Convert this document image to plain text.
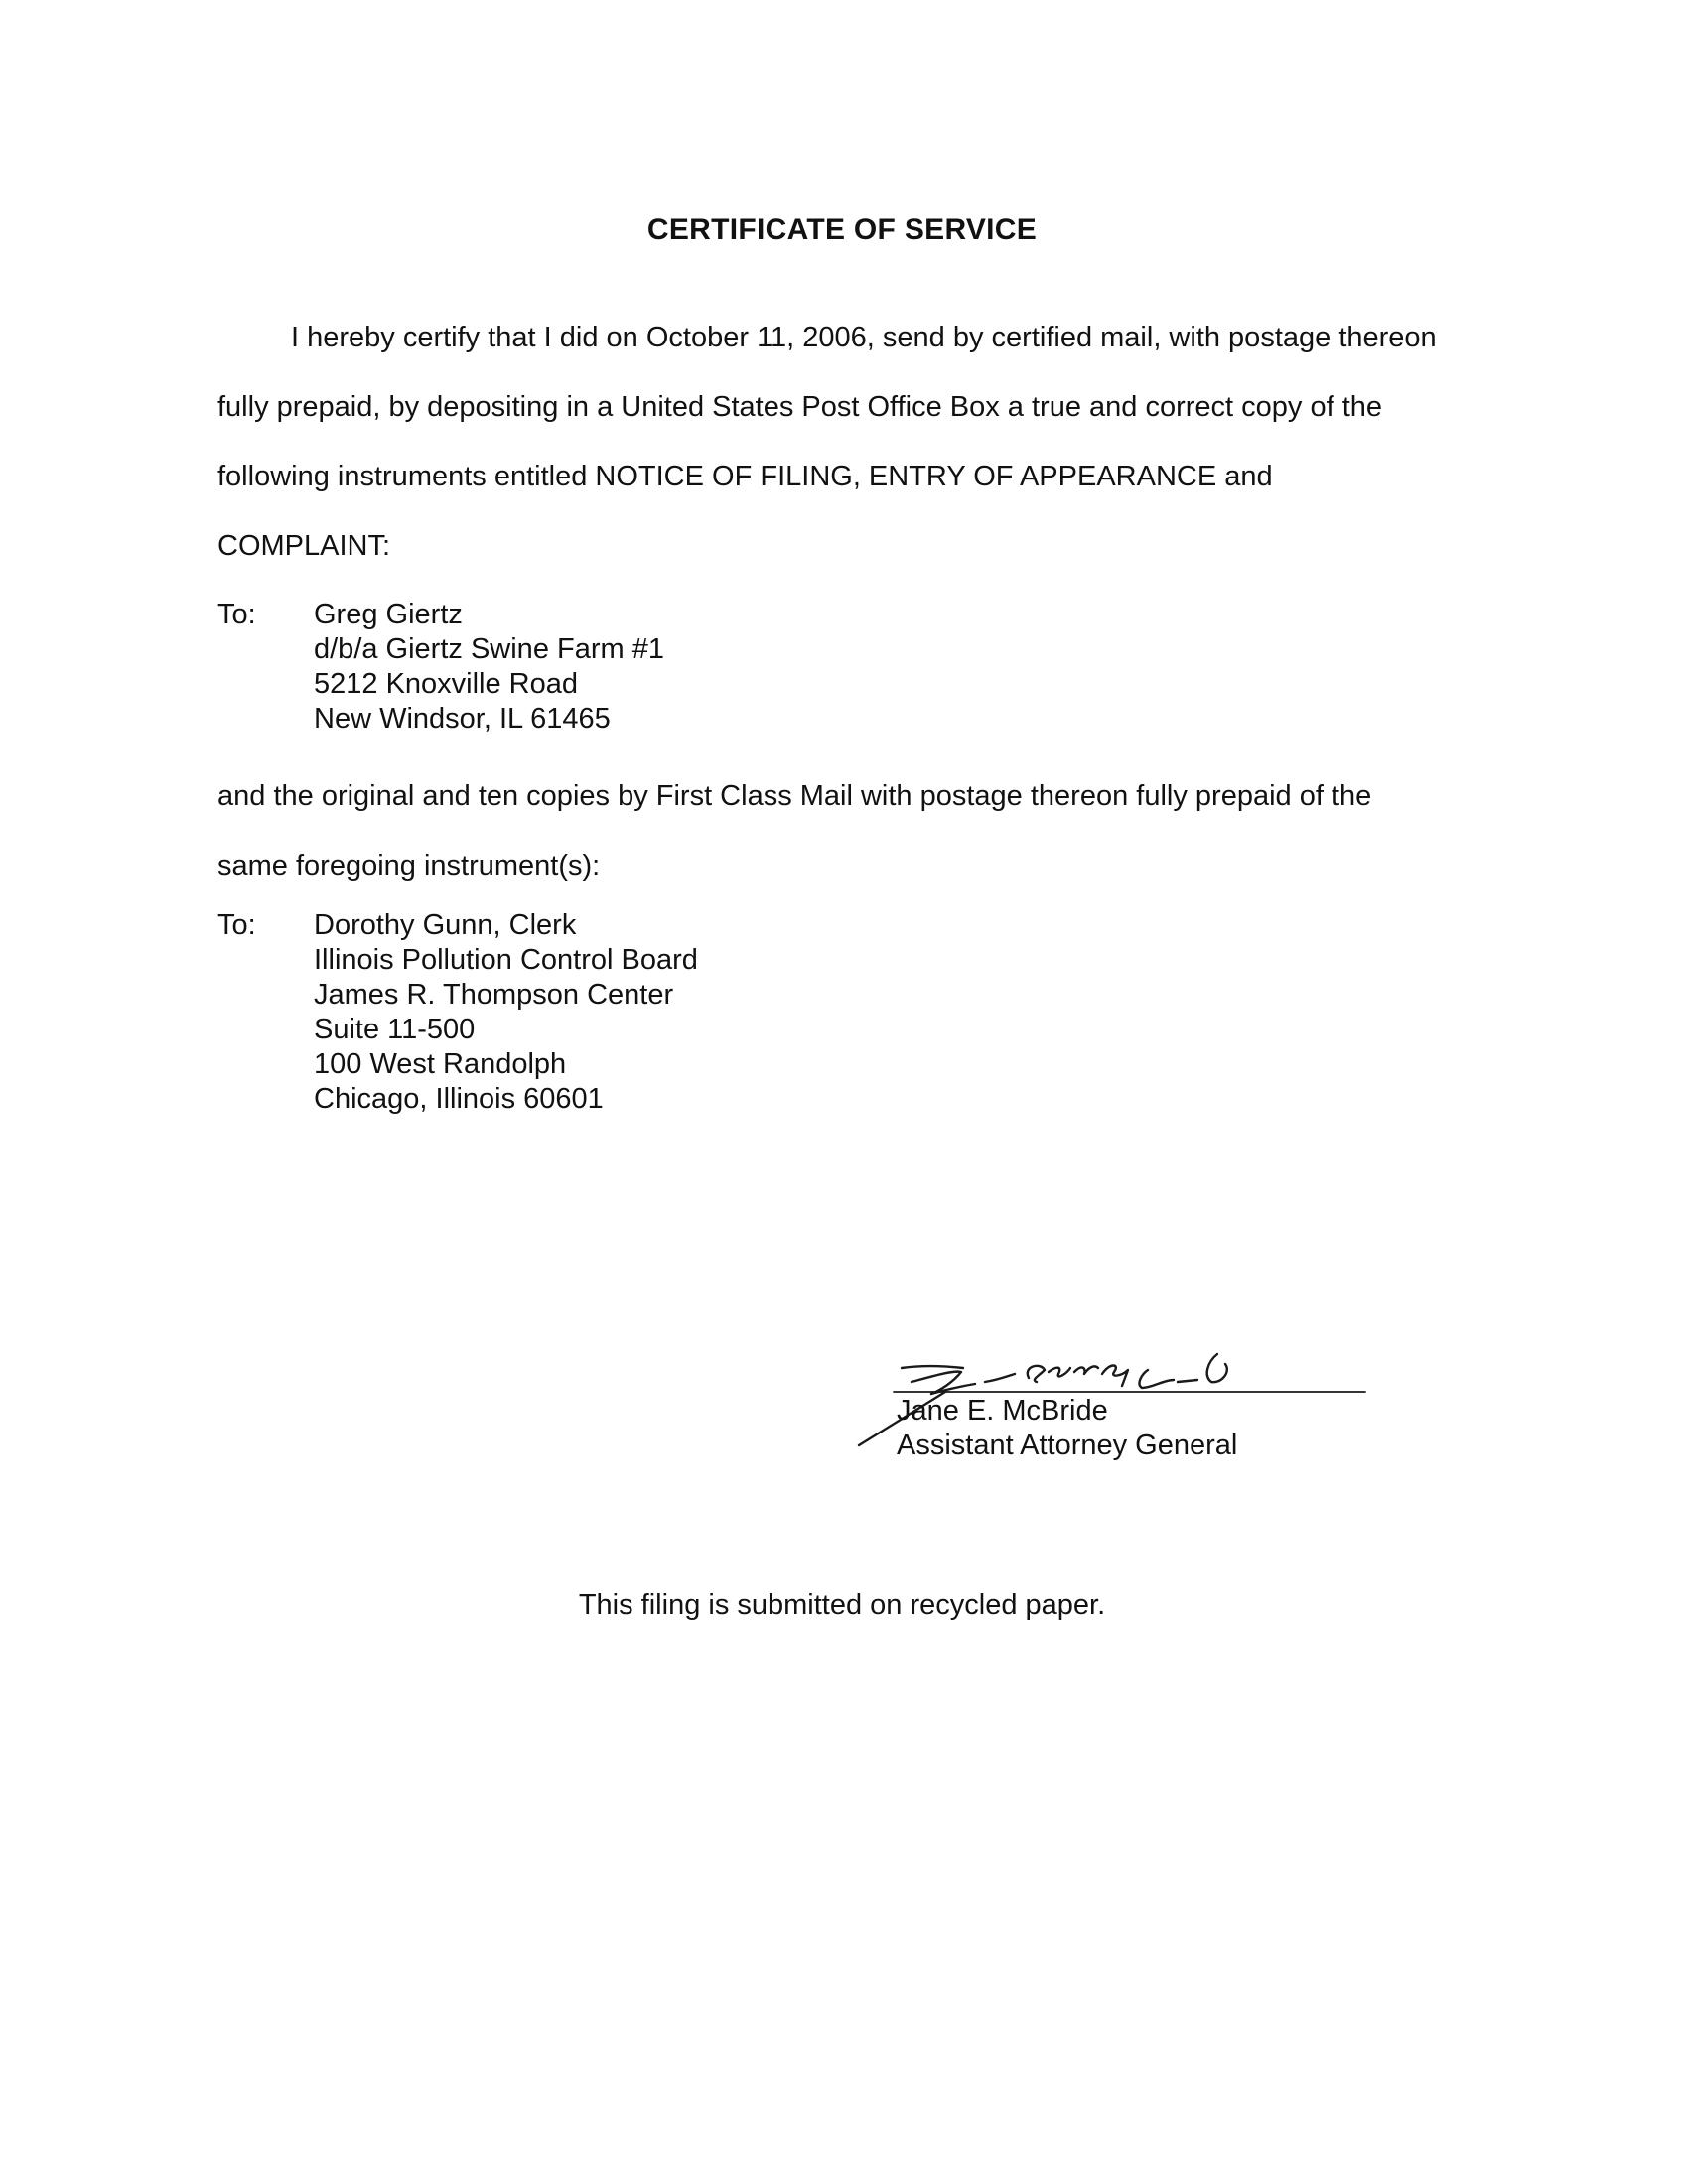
CERTIFICATE OF SERVICE

I hereby certify that I did on October 11, 2006, send by certified mail, with postage thereon fully prepaid, by depositing in a United States Post Office Box a true and correct copy of the following instruments entitled NOTICE OF FILING, ENTRY OF APPEARANCE and COMPLAINT:

To: Greg Giertz
d/b/a Giertz Swine Farm #1
5212 Knoxville Road
New Windsor, IL 61465

and the original and ten copies by First Class Mail with postage thereon fully prepaid of the same foregoing instrument(s):

To: Dorothy Gunn, Clerk
Illinois Pollution Control Board
James R. Thompson Center
Suite 11-500
100 West Randolph
Chicago, Illinois 60601
Jane E. McBride
Assistant Attorney General
This filing is submitted on recycled paper.
